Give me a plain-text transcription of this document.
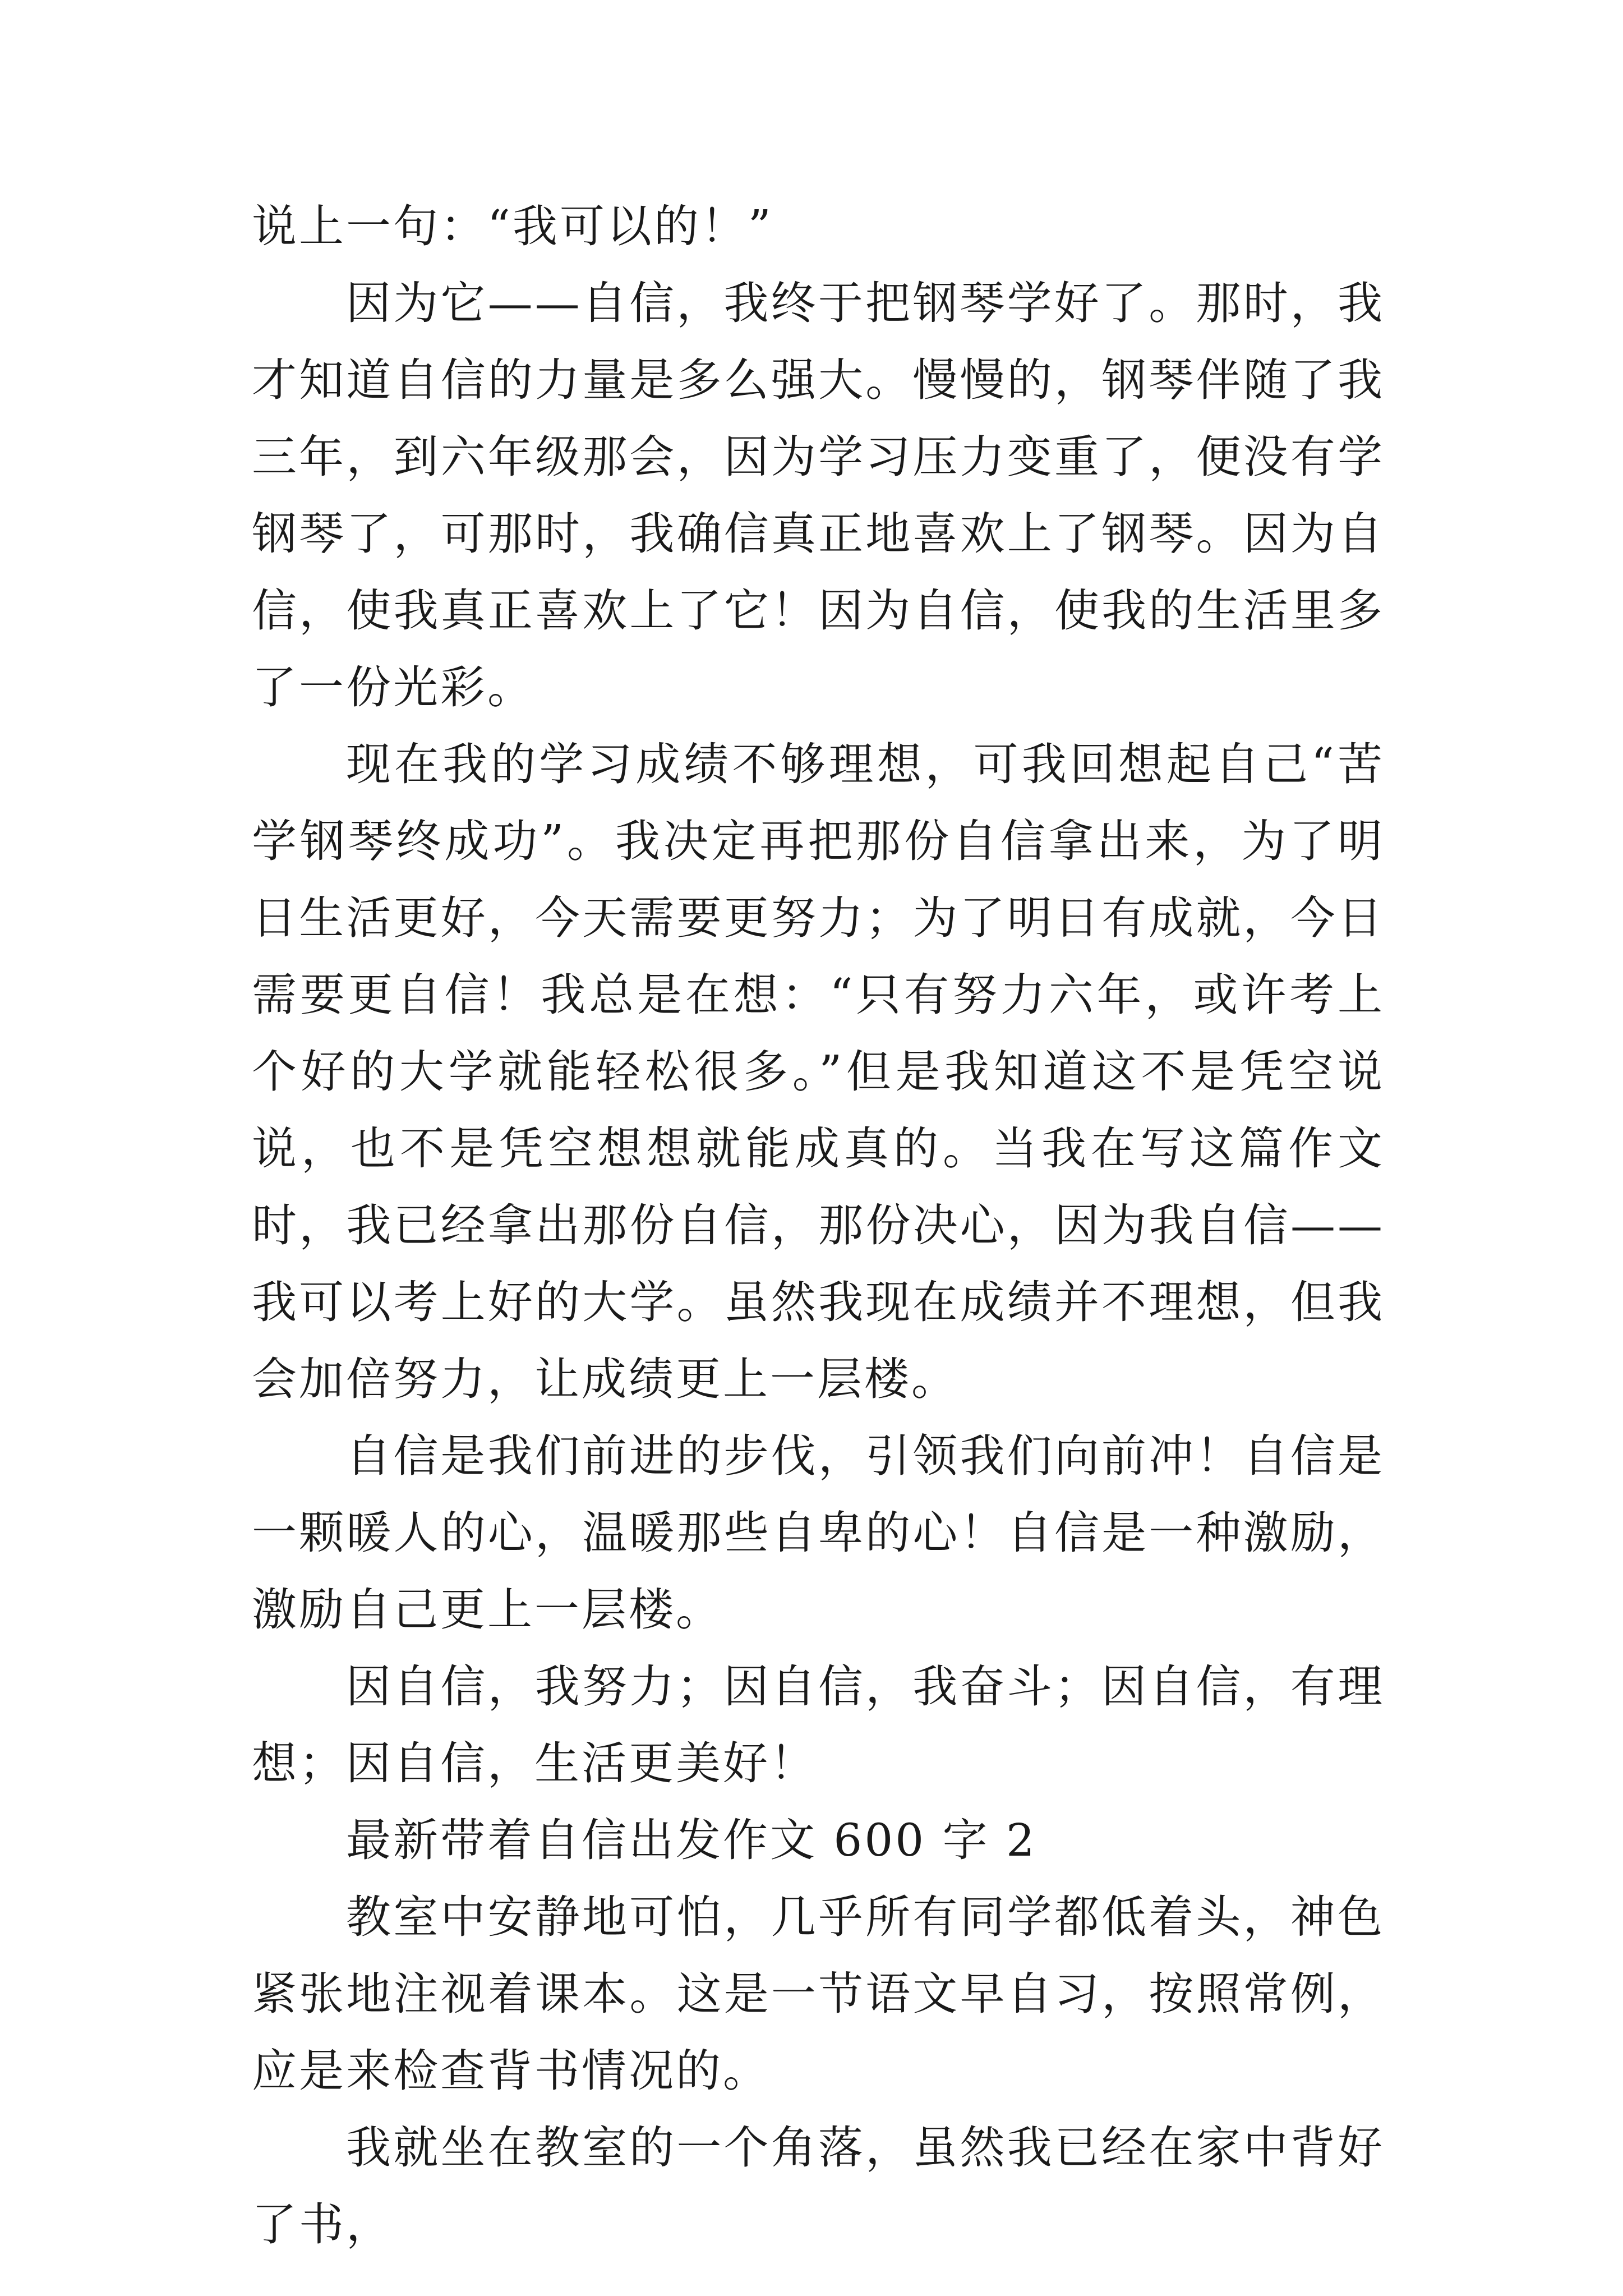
说上一句：“我可以的！”

因为它——自信，我终于把钢琴学好了。那时，我才知道自信的力量是多么强大。慢慢的，钢琴伴随了我三年，到六年级那会，因为学习压力变重了，便没有学钢琴了，可那时，我确信真正地喜欢上了钢琴。因为自信，使我真正喜欢上了它！因为自信，使我的生活里多了一份光彩。

现在我的学习成绩不够理想，可我回想起自己“苦学钢琴终成功”。我决定再把那份自信拿出来，为了明日生活更好，今天需要更努力；为了明日有成就，今日需要更自信！我总是在想：“只有努力六年，或许考上个好的大学就能轻松很多。”但是我知道这不是凭空说说，也不是凭空想想就能成真的。当我在写这篇作文时，我已经拿出那份自信，那份决心，因为我自信——我可以考上好的大学。虽然我现在成绩并不理想，但我会加倍努力，让成绩更上一层楼。

自信是我们前进的步伐，引领我们向前冲！自信是一颗暖人的心，温暖那些自卑的心！自信是一种激励，激励自己更上一层楼。

因自信，我努力；因自信，我奋斗；因自信，有理想；因自信，生活更美好！

最新带着自信出发作文 600 字 2

教室中安静地可怕，几乎所有同学都低着头，神色紧张地注视着课本。这是一节语文早自习，按照常例，应是来检查背书情况的。

我就坐在教室的一个角落，虽然我已经在家中背好了书，
